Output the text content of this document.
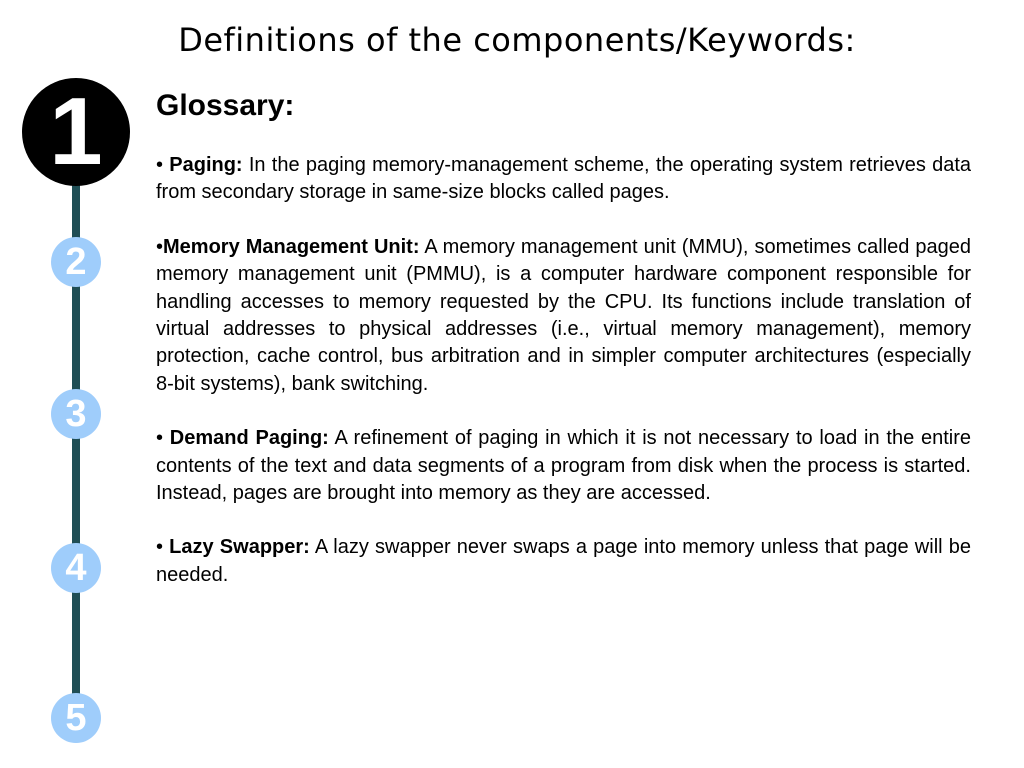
Definitions of the components/Keywords:
1
2
3
4
5
Glossary:

• Paging: In the paging memory-management scheme, the operating system retrieves data from secondary storage in same-size blocks called pages.

•Memory Management Unit: A memory management unit (MMU), sometimes called paged memory management unit (PMMU), is a computer hardware component responsible for handling accesses to memory requested by the CPU. Its functions include translation of virtual addresses to physical addresses (i.e., virtual memory management), memory protection, cache control, bus arbitration and in simpler computer architectures (especially 8-bit systems), bank switching.

• Demand Paging: A refinement of paging in which it is not necessary to load in the entire contents of the text and data segments of a program from disk when the process is started. Instead, pages are brought into memory as they are accessed.

• Lazy Swapper: A lazy swapper never swaps a page into memory unless that page will be needed.
